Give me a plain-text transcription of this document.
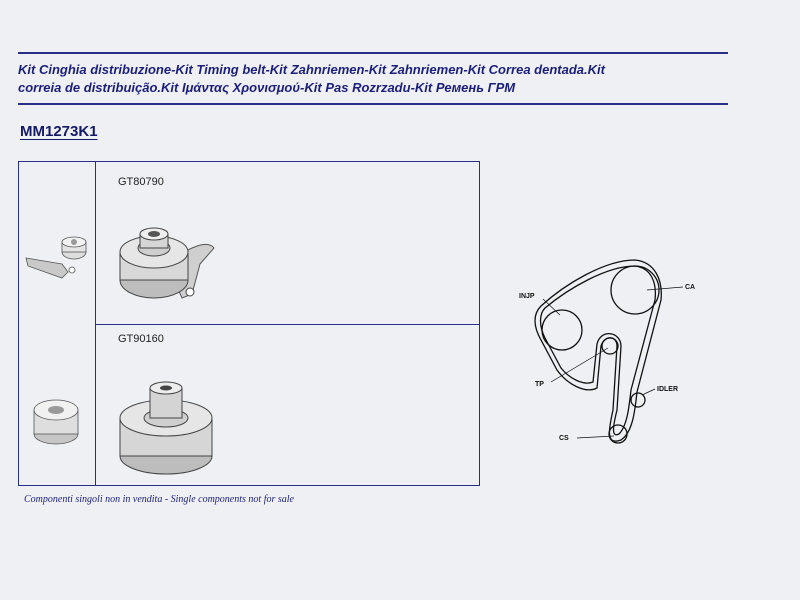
Kit Cinghia distribuzione-Kit Timing belt-Kit Zahnriemen-Kit Zahnriemen-Kit Correa dentada.Kit
correia de distribuição.Kit Ιμάντας Χρονισμού-Kit Pas Rozrzadu-Kit Ремень ГРМ
MM1273K1
GT80790
GT90160
CA
INJP
TP
IDLER
CS
Componenti singoli non in vendita - Single components not for sale
